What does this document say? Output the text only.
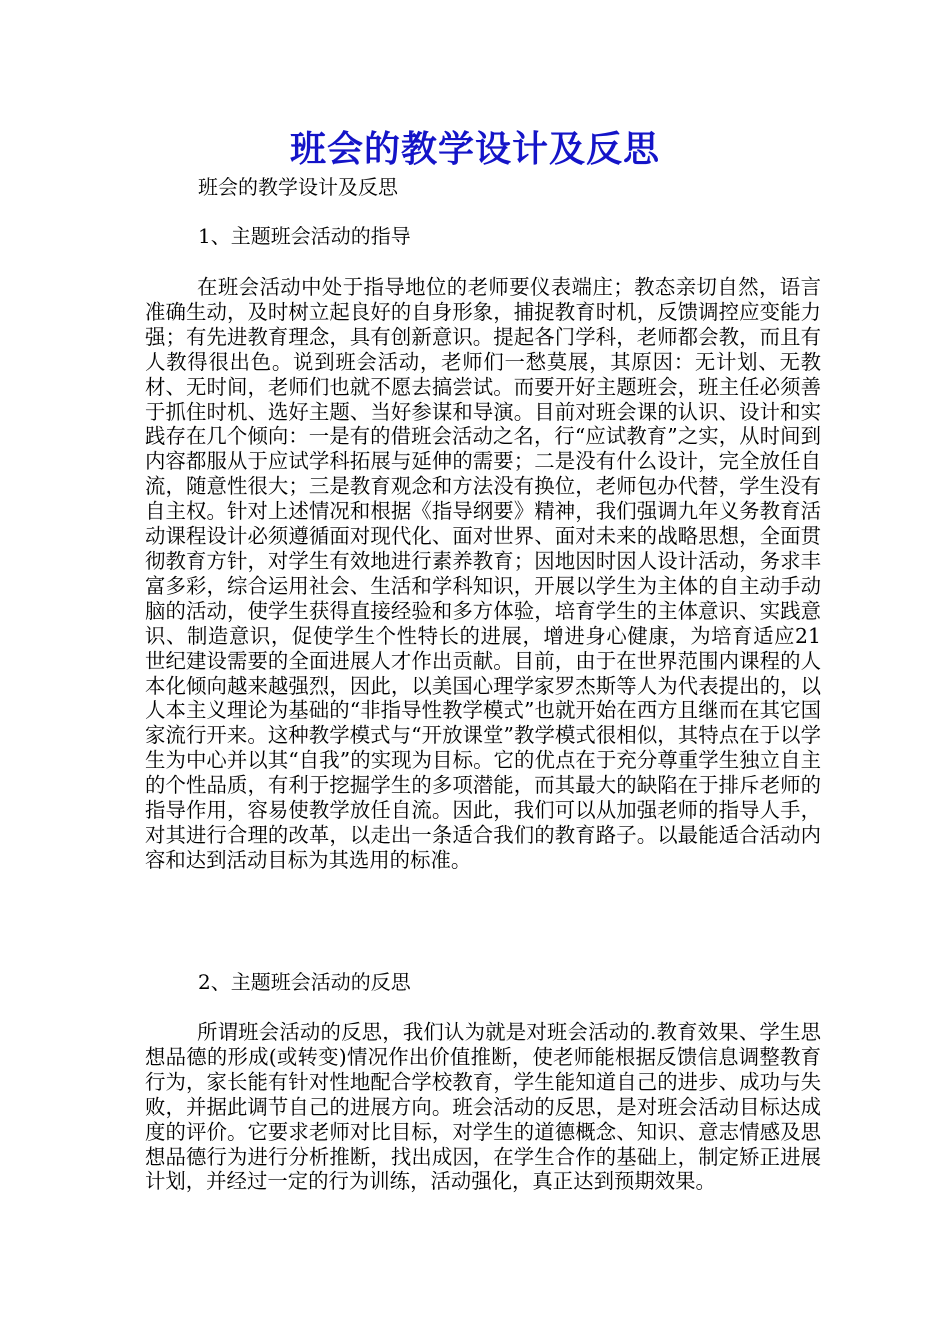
班会的教学设计及反思
班会的教学设计及反思
1、主题班会活动的指导

在班会活动中处于指导地位的老师要仪表端庄；教态亲切自然，语言准确生动，及时树立起良好的自身形象，捕捉教育时机，反馈调控应变能力强；有先进教育理念，具有创新意识。提起各门学科，老师都会教，而且有人教得很出色。说到班会活动，老师们一愁莫展，其原因：无计划、无教材、无时间，老师们也就不愿去搞尝试。而要开好主题班会，班主任必须善于抓住时机、选好主题、当好参谋和导演。目前对班会课的认识、设计和实践存在几个倾向：一是有的借班会活动之名，行“应试教育”之实，从时间到内容都服从于应试学科拓展与延伸的需要；二是没有什么设计，完全放任自流，随意性很大；三是教育观念和方法没有换位，老师包办代替，学生没有自主权。针对上述情况和根据《指导纲要》精神，我们强调九年义务教育活动课程设计必须遵循面对现代化、面对世界、面对未来的战略思想，全面贯彻教育方针，对学生有效地进行素养教育；因地因时因人设计活动，务求丰富多彩，综合运用社会、生活和学科知识，开展以学生为主体的自主动手动脑的活动，使学生获得直接经验和多方体验，培育学生的主体意识、实践意识、制造意识，促使学生个性特长的进展，增进身心健康，为培育适应21世纪建设需要的全面进展人才作出贡献。目前，由于在世界范围内课程的人本化倾向越来越强烈，因此，以美国心理学家罗杰斯等人为代表提出的，以人本主义理论为基础的“非指导性教学模式”也就开始在西方且继而在其它国家流行开来。这种教学模式与“开放课堂”教学模式很相似，其特点在于以学生为中心并以其“自我”的实现为目标。它的优点在于充分尊重学生独立自主的个性品质，有利于挖掘学生的多项潜能，而其最大的缺陷在于排斥老师的指导作用，容易使教学放任自流。因此，我们可以从加强老师的指导人手，对其进行合理的改革，以走出一条适合我们的教育路子。以最能适合活动内容和达到活动目标为其选用的标准。

2、主题班会活动的反思

所谓班会活动的反思，我们认为就是对班会活动的.教育效果、学生思想品德的形成(或转变)情况作出价值推断，使老师能根据反馈信息调整教育行为，家长能有针对性地配合学校教育，学生能知道自己的进步、成功与失败，并据此调节自己的进展方向。班会活动的反思，是对班会活动目标达成度的评价。它要求老师对比目标，对学生的道德概念、知识、意志情感及思想品德行为进行分析推断，找出成因，在学生合作的基础上，制定矫正进展计划，并经过一定的行为训练，活动强化，真正达到预期效果。
